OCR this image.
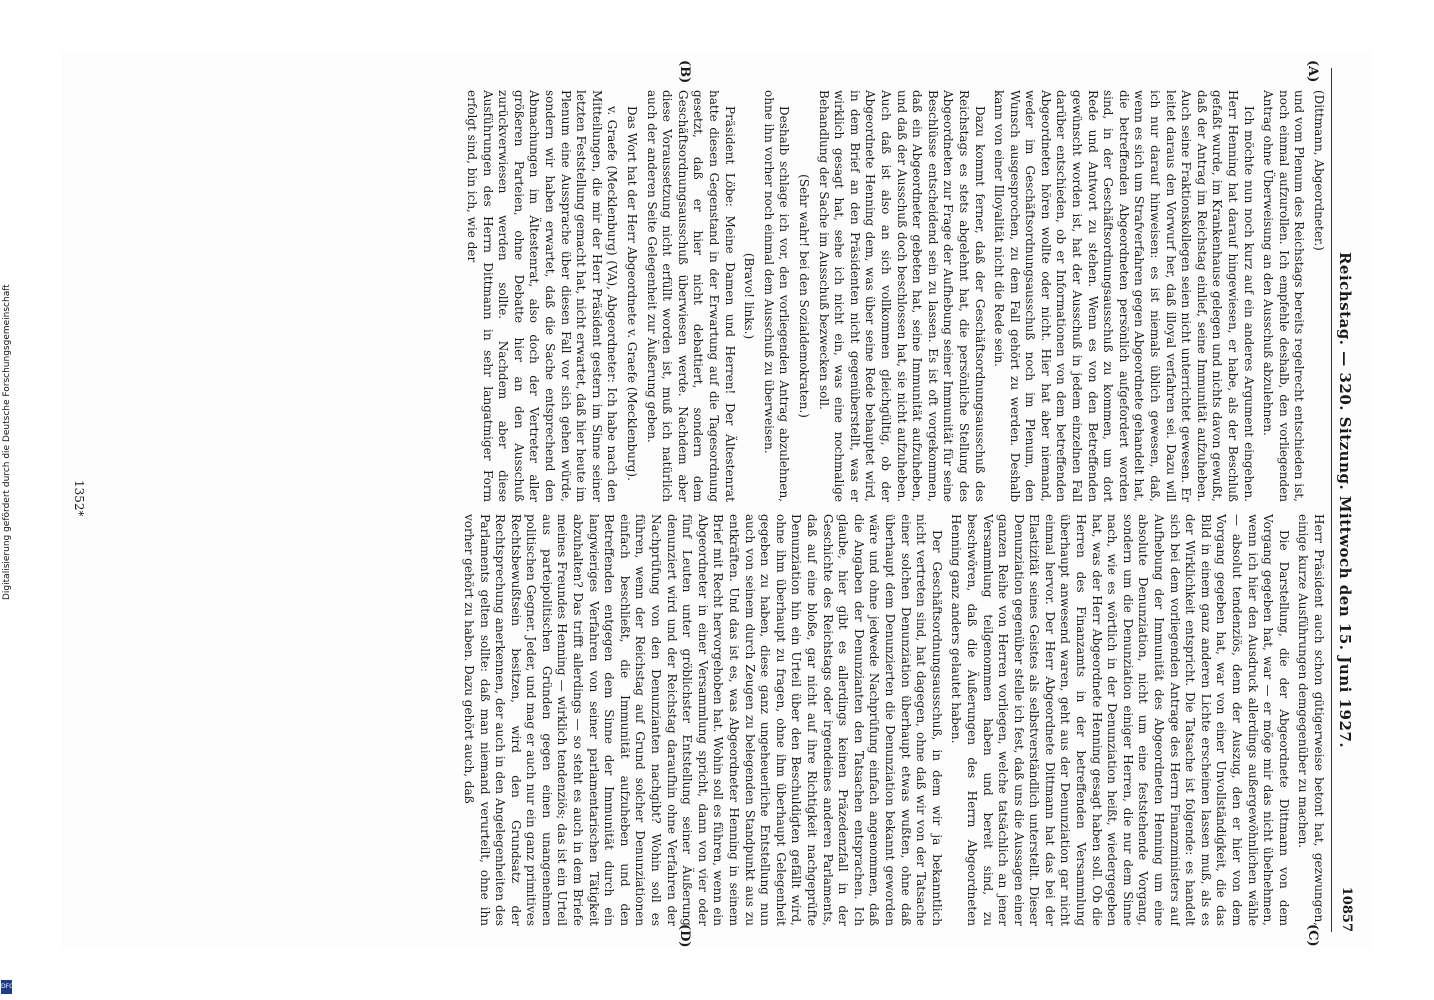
Reichstag. — 320. Sitzung. Mittwoch den 15. Juni 1927.
10857
(A)
(B)
(C)
(D)

(Dittmann, Abgeordneter.)

und vom Plenum des Reichstags bereits regelrecht entschieden ist, noch einmal aufzurollen. Ich empfehle deshalb, den vorliegenden Antrag ohne Überweisung an den Ausschuß abzulehnen.

Ich möchte nun noch kurz auf ein anderes Argument eingehen. Herr Henning hat darauf hingewiesen, er habe, als der Beschluß gefaßt wurde, im Krankenhause gelegen und nichts davon gewußt, daß der Antrag im Reichstag einlief, seine Immunität aufzuheben. Auch seine Fraktionskollegen seien nicht unterrichtet gewesen. Er leitet daraus den Vorwurf her, daß illoyal verfahren sei. Dazu will ich nur darauf hinweisen: es ist niemals üblich gewesen, daß, wenn es sich um Strafverfahren gegen Abgeordnete gehandelt hat, die betreffenden Abgeordneten persönlich aufgefordert worden sind, in der Geschäftsordnungsausschuß zu kommen, um dort Rede und Antwort zu stehen. Wenn es von den Betreffenden gewünscht worden ist, hat der Ausschuß in jedem einzelnen Fall darüber entschieden, ob er Informationen von dem betreffenden Abgeordneten hören wollte oder nicht. Hier hat aber niemand, weder im Geschäftsordnungsausschuß noch im Plenum, den Wunsch ausgesprochen, zu dem Fall gehört zu werden. Deshalb kann von einer Illoyalität nicht die Rede sein.

Dazu kommt ferner, daß der Geschäftsordnungsausschuß des Reichstags es stets abgelehnt hat, die persönliche Stellung des Abgeordneten zur Frage der Aufhebung seiner Immunität für seine Beschlüsse entscheidend sein zu lassen. Es ist oft vorgekommen, daß ein Abgeordneter gebeten hat, seine Immunität aufzuheben, und daß der Ausschuß doch beschlossen hat, sie nicht aufzuheben. Auch daß ist also an sich vollkommen gleichgültig, ob der Abgeordnete Henning dem, was über seine Rede behauptet wird, in dem Brief an den Präsidenten nicht gegenüberstellt, was er wirklich gesagt hat, sehe ich nicht ein, was eine nochmalige Behandlung der Sache im Ausschuß bezwecken soll.

(Sehr wahr! bei den Sozialdemokraten.)

Deshalb schlage ich vor, den vorliegenden Antrag abzulehnen, ohne ihn vorher noch einmal dem Ausschuß zu überweisen.

(Bravo! links.)

Präsident Löbe: Meine Damen und Herren! Der Ältestenrat hatte diesen Gegenstand in der Erwartung auf die Tagesordnung gesetzt, daß er hier nicht debattiert, sondern dem Geschäftsordnungsausschuß überwiesen werde. Nachdem aber diese Voraussetzung nicht erfüllt worden ist, muß ich natürlich auch der anderen Seite Gelegenheit zur Äußerung geben.

Das Wort hat der Herr Abgeordnete v. Graefe (Mecklenburg).

v. Graefe (Mecklenburg) (VA), Abgeordneter: Ich habe nach den Mitteilungen, die mir der Herr Präsident gestern im Sinne seiner letzten Feststellung gemacht hat, nicht erwartet, daß hier heute im Plenum eine Aussprache über diesen Fall vor sich gehen würde, sondern wir haben erwartet, daß die Sache entsprechend den Abmachungen im Ältestenrat, also doch der Vertreter aller größeren Parteien, ohne Debatte hier an den Ausschuß zurückverwiesen werden sollte. Nachdem aber diese Ausführungen des Herrn Dittmann in sehr langatmiger Form erfolgt sind, bin ich, wie der

Herr Präsident auch schon gütigerweise betont hat, gezwungen, einige kurze Ausführungen demgegenüber zu machen.

Die Darstellung, die der Abgeordnete Dittmann von dem Vorgang gegeben hat, war — er möge mir das nicht übelnehmen, wenn ich hier den Ausdruck allerdings außergewöhnlichen wähle — absolut tendenziös, denn der Auszug, den er hier von dem Vorgang gegeben hat, war von einer Unvollständigkeit, die das Bild in einem ganz anderen Lichte erscheinen lassen muß, als es der Wirklichkeit entspricht. Die Tatsache ist folgende: es handelt sich bei dem vorliegenden Antrage des Herrn Finanzministers auf Aufhebung der Immunität des Abgeordneten Henning um eine absolute Denunziation, nicht um eine feststehende Vorgang, sondern um die Denunziation einiger Herren, die nur dem Sinne nach, wie es wörtlich in der Denunziation heißt, wiedergegeben hat, was der Herr Abgeordnete Henning gesagt haben soll. Ob die Herren des Finanzamts in der betreffenden Versammlung überhaupt anwesend waren, geht aus der Denunziation gar nicht einmal hervor. Der Herr Abgeordnete Dittmann hat das bei der Elastizität seines Geistes als selbstverständlich unterstellt. Dieser Denunziation gegenüber stelle ich fest, daß uns die Aussagen einer ganzen Reihe von Herren vorliegen, welche tatsächlich an jener Versammlung teilgenommen haben und bereit sind, zu beschwören, daß die Äußerungen des Herrn Abgeordneten Henning ganz anders gelautet haben.

Der Geschäftsordnungsausschuß, in dem wir ja bekanntlich nicht vertreten sind, hat dagegen, ohne daß wir von der Tatsache einer solchen Denunziation überhaupt etwas wußten, ohne daß überhaupt dem Denunzierten die Denunziation bekannt geworden wäre und ohne jedwede Nachprüfung einfach angenommen, daß die Angaben der Denunzianten den Tatsachen entsprachen. Ich glaube, hier gibt es allerdings keinen Präzedenzfall in der Geschichte des Reichstags oder irgendeines anderen Parlaments, daß auf eine bloße, gar nicht auf ihre Richtigkeit nachgeprüfte Denunziation hin ein Urteil über den Beschuldigten gefällt wird, ohne ihm überhaupt zu fragen, ohne ihm überhaupt Gelegenheit gegeben zu haben, diese ganz ungeheuerliche Entstellung nun auch von seinem durch Zeugen zu belegenden Standpunkt aus zu entkräften. Und das ist es, was Abgeordneter Henning in seinem Brief mit Recht hervorgehoben hat. Wohin soll es führen, wenn ein Abgeordneter in einer Versammlung spricht, dann von vier oder fünf Leuten unter gröblichster Entstellung seiner Äußerung denunziert wird und der Reichstag daraufhin ohne Verfahren der Nachprüfung von den Denunzianten nachgibt? Wohin soll es führen, wenn der Reichstag auf Grund solcher Denunziationen einfach beschließt, die Immunität aufzuheben und den Betreffenden entgegen dem Sinne der Immunität durch ein langwieriges Verfahren von seiner parlamentarischen Tätigkeit abzuhalten? Das trifft allerdings — so steht es auch in dem Briefe meines Freundes Henning — wirklich tendenziös; das ist ein Urteil aus parteipolitischen Gründen gegen einen unangenehmen politischen Gegner. Jeder, und mag er auch nur ein ganz primitives Rechtsbewußtsein besitzen, wird den Grundsatz der Rechtsprechung anerkennen, der auch in den Angelegenheiten des Parlaments gelten sollte: daß man niemand verurteilt, ohne ihn vorher gehört zu haben. Dazu gehört auch, daß

1352*
Digitalisierung gefördert durch die Deutsche Forschungsgemeinschaft
DFG
